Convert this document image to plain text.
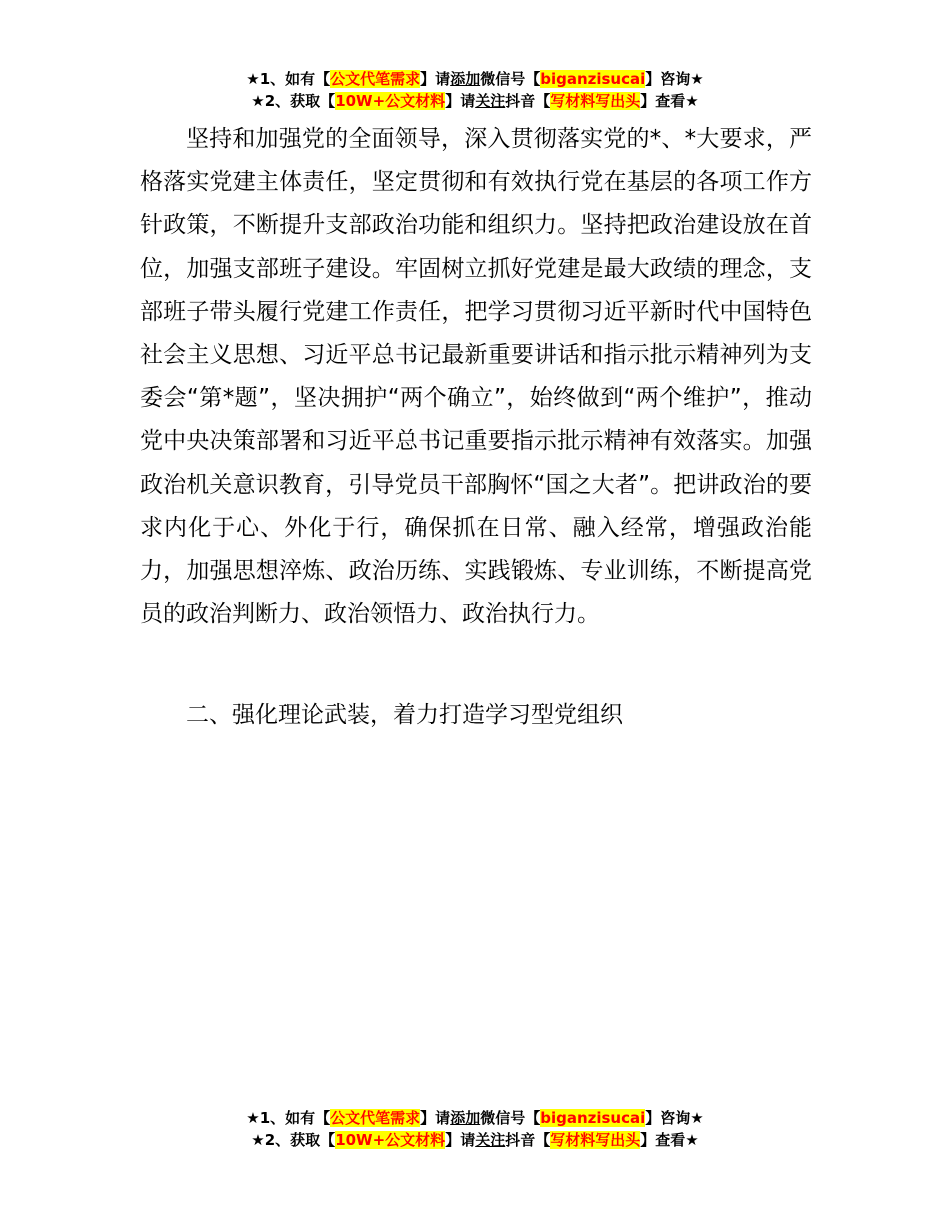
★1、如有【公文代笔需求】请添加微信号【biganzisucai】咨询★
★2、获取【10W+公文材料】请关注抖音【写材料写出头】查看★

坚持和加强党的全面领导，深入贯彻落实党的*、*大要求，严格落实党建主体责任，坚定贯彻和有效执行党在基层的各项工作方针政策，不断提升支部政治功能和组织力。坚持把政治建设放在首位，加强支部班子建设。牢固树立抓好党建是最大政绩的理念，支部班子带头履行党建工作责任，把学习贯彻习近平新时代中国特色社会主义思想、习近平总书记最新重要讲话和指示批示精神列为支委会“第*题”，坚决拥护“两个确立”，始终做到“两个维护”，推动党中央决策部署和习近平总书记重要指示批示精神有效落实。加强政治机关意识教育，引导党员干部胸怀“国之大者”。把讲政治的要求内化于心、外化于行，确保抓在日常、融入经常，增强政治能力，加强思想淬炼、政治历练、实践锻炼、专业训练，不断提高党员的政治判断力、政治领悟力、政治执行力。

二、强化理论武装，着力打造学习型党组织

★1、如有【公文代笔需求】请添加微信号【biganzisucai】咨询★
★2、获取【10W+公文材料】请关注抖音【写材料写出头】查看★
